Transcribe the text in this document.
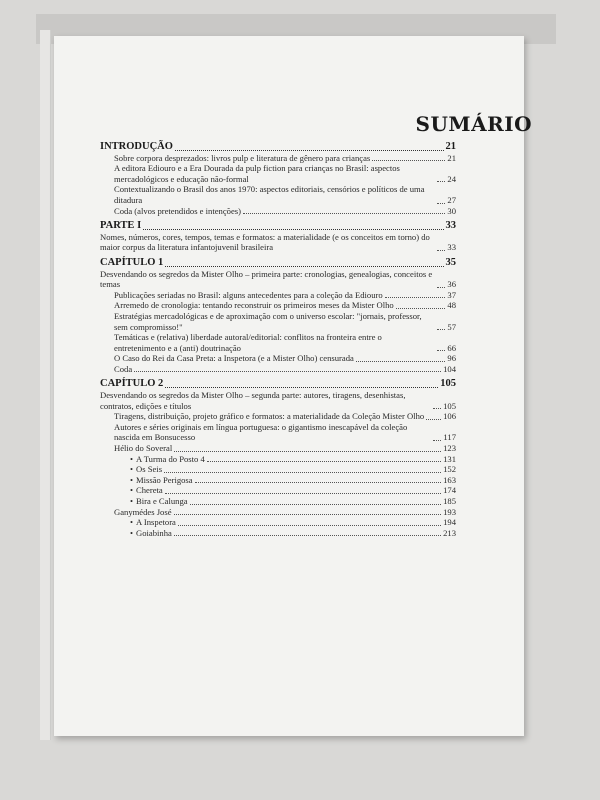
SUMÁRIO
INTRODUÇÃO	21
Sobre corpora desprezados: livros pulp e literatura de gênero para crianças	21
A editora Ediouro e a Era Dourada da pulp fiction para crianças no Brasil: aspectos mercadológicos e educação não-formal	24
Contextualizando o Brasil dos anos 1970: aspectos editoriais, censórios e políticos de uma ditadura	27
Coda (alvos pretendidos e intenções)	30
PARTE I	33
Nomes, números, cores, tempos, temas e formatos: a materialidade (e os conceitos em torno) do maior corpus da literatura infantojuvenil brasileira	33
CAPÍTULO 1	35
Desvendando os segredos da Mister Olho – primeira parte: cronologias, genealogias, conceitos e temas	36
Publicações seriadas no Brasil: alguns antecedentes para a coleção da Ediouro	37
Arremedo de cronologia: tentando reconstruir os primeiros meses da Mister Olho	48
Estratégias mercadológicas e de aproximação com o universo escolar: "jornais, professor, sem compromisso!"	57
Temáticas e (relativa) liberdade autoral/editorial: conflitos na fronteira entre o entretenimento e a (anti) doutrinação	66
O Caso do Rei da Casa Preta: a Inspetora (e a Mister Olho) censurada	96
Coda	104
CAPÍTULO 2	105
Desvendando os segredos da Mister Olho – segunda parte: autores, tiragens, desenhistas, contratos, edições e títulos	105
Tiragens, distribuição, projeto gráfico e formatos: a materialidade da Coleção Mister Olho 106
Autores e séries originais em língua portuguesa: o gigantismo inescapável da coleção nascida em Bonsucesso	117
Hélio do Soveral	123
• A Turma do Posto 4	131
• Os Seis	152
• Missão Perigosa	163
• Chereta	174
• Bira e Calunga	185
Ganymédes José	193
• A Inspetora	194
• Goiabinha	213
